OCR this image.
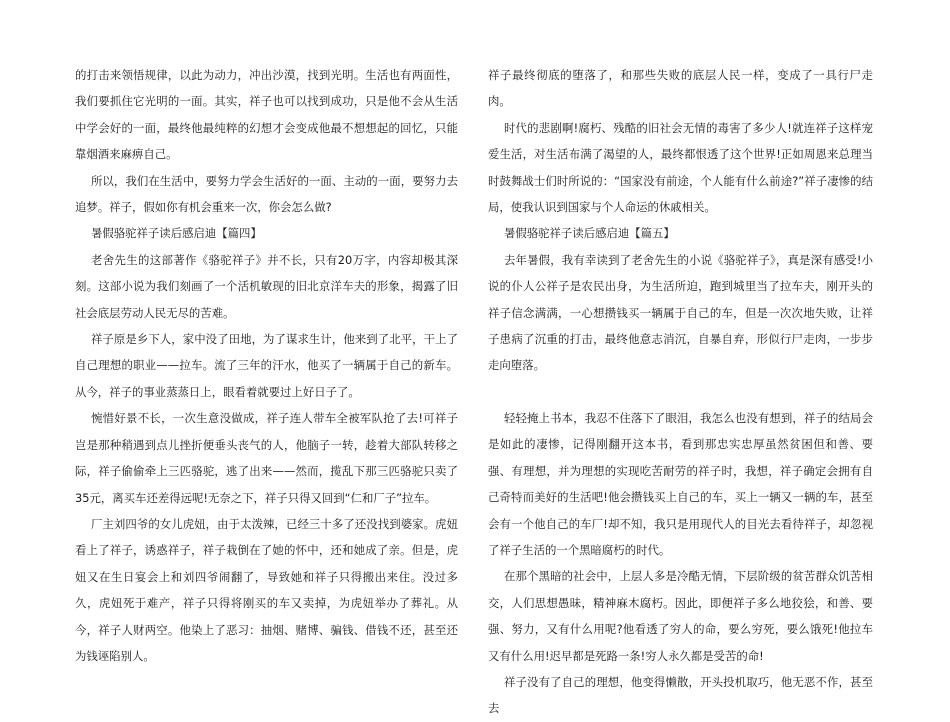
的打击来领悟规律，以此为动力，冲出沙漠，找到光明。生活也有两面性，我们要抓住它光明的一面。其实，祥子也可以找到成功，只是他不会从生活中学会好的一面，最终他最纯粹的幻想才会变成他最不想想起的回忆，只能靠烟酒来麻痹自己。

所以，我们在生活中，要努力学会生活好的一面、主动的一面，要努力去追梦。祥子，假如你有机会重来一次，你会怎么做?

暑假骆驼祥子读后感启迪【篇四】

老舍先生的这部著作《骆驼祥子》并不长，只有20万字，内容却极其深刻。这部小说为我们刻画了一个活机敏现的旧北京洋车夫的形象，揭露了旧社会底层劳动人民无尽的苦难。

祥子原是乡下人，家中没了田地，为了谋求生计，他来到了北平，干上了自己理想的职业——拉车。流了三年的汗水，他买了一辆属于自己的新车。从今，祥子的事业蒸蒸日上，眼看着就要过上好日子了。

惋惜好景不长，一次生意没做成，祥子连人带车全被军队抢了去!可祥子岂是那种稍遇到点儿挫折便垂头丧气的人，他脑子一转，趁着大部队转移之际，祥子偷偷牵上三匹骆驼，逃了出来——然而，揽乱下那三匹骆驼只卖了35元，离买车还差得远呢!无奈之下，祥子只得又回到“仁和厂子”拉车。

厂主刘四爷的女儿虎妞，由于太泼辣，已经三十多了还没找到婆家。虎妞看上了祥子，诱惑祥子，祥子栽倒在了她的怀中，还和她成了亲。但是，虎妞又在生日宴会上和刘四爷闹翻了，导致她和祥子只得搬出来住。没过多久，虎妞死于难产，祥子只得将刚买的车又卖掉，为虎妞举办了葬礼。从今，祥子人财两空。他染上了恶习：抽烟、赌博、骗钱、借钱不还，甚至还为钱诬陷别人。

祥子最终彻底的堕落了，和那些失败的底层人民一样，变成了一具行尸走肉。

时代的悲剧啊!腐朽、残酷的旧社会无情的毒害了多少人!就连祥子这样宠爱生活，对生活布满了渴望的人，最终都恨透了这个世界!正如周恩来总理当时鼓舞战士们时所说的：“国家没有前途，个人能有什么前途?”祥子凄惨的结局，使我认识到国家与个人命运的休戚相关。

暑假骆驼祥子读后感启迪【篇五】

去年暑假，我有幸读到了老舍先生的小说《骆驼祥子》，真是深有感受!小说的仆人公祥子是农民出身，为生活所迫，跑到城里当了拉车夫，刚开头的祥子信念满满，一心想攒钱买一辆属于自己的车，但是一次次地失败，让祥子患病了沉重的打击，最终他意志消沉，自暴自弃，形似行尸走肉，一步步走向堕落。

轻轻掩上书本，我忍不住落下了眼泪，我怎么也没有想到，祥子的结局会是如此的凄惨，记得刚翻开这本书，看到那忠实忠厚虽然贫困但和善、要强、有理想，并为理想的实现吃苦耐劳的祥子时，我想，祥子确定会拥有自己奇特而美好的生活吧!他会攒钱买上自己的车，买上一辆又一辆的车，甚至会有一个他自己的车厂!却不知，我只是用现代人的目光去看待祥子，却忽视了祥子生活的一个黑暗腐朽的时代。

在那个黑暗的社会中，上层人多是冷酷无情，下层阶级的贫苦群众饥苦相交，人们思想愚昧，精神麻木腐朽。因此，即便祥子多么地狡狯，和善、要强、努力，又有什么用呢?他看透了穷人的命，要么穷死，要么饿死!他拉车又有什么用!迟早都是死路一条!穷人永久都是受苦的命!

祥子没有了自己的理想，他变得懒散，开头投机取巧，他无恶不作，甚至去
